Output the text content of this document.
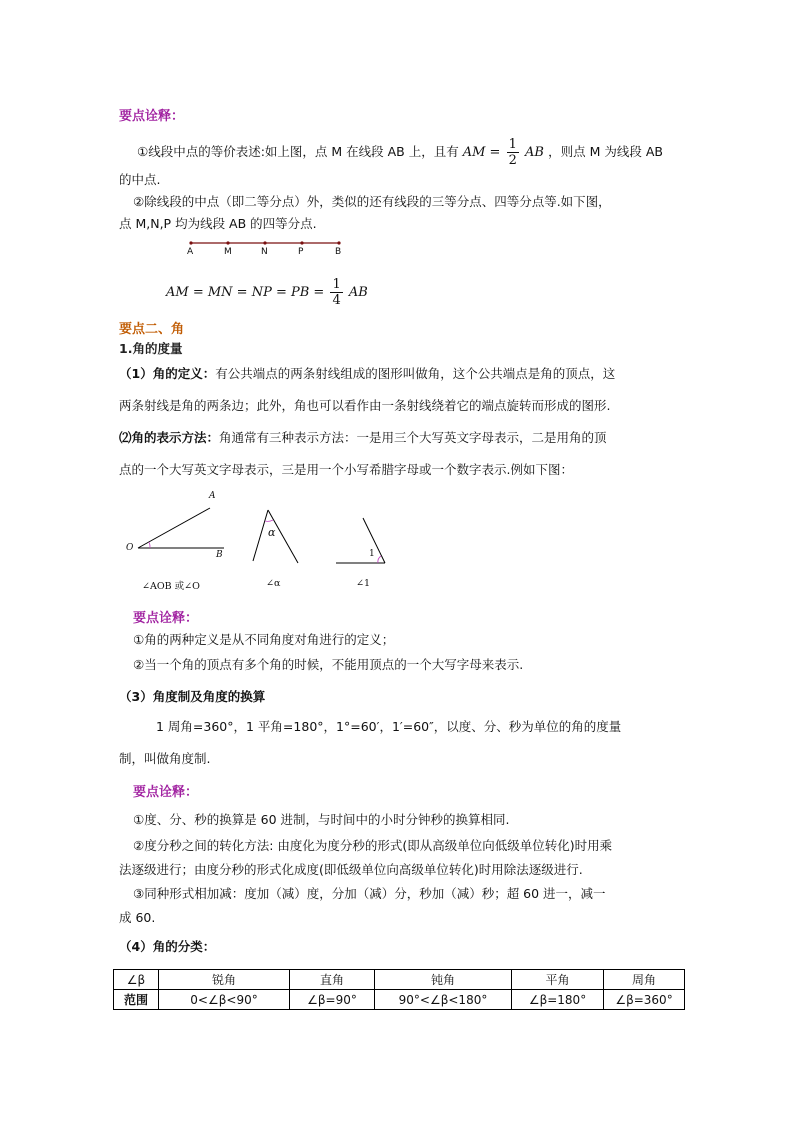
要点诠释：
①线段中点的等价表述:如上图，点 M 在线段 AB 上，且有 AM = $\frac{1}{2}$ AB ，则点 M 为线段 AB
的中点.
②除线段的中点（即二等分点）外，类似的还有线段的三等分点、四等分点等.如下图，
点 M,N,P 均为线段 AB 的四等分点.
A	M	N	P	B
AM = MN = NP = PB = $\frac{1}{4}$ AB
要点二、角
1.角的度量
（1）角的定义：有公共端点的两条射线组成的图形叫做角，这个公共端点是角的顶点，这
两条射线是角的两条边；此外，角也可以看作由一条射线绕着它的端点旋转而形成的图形.
⑵角的表示方法：角通常有三种表示方法：一是用三个大写英文字母表示，二是用角的顶
点的一个大写英文字母表示，三是用一个小写希腊字母或一个数字表示.例如下图：
A
O
B
α
1
∠AOB 或∠O	∠α	∠1
要点诠释：
①角的两种定义是从不同角度对角进行的定义；
②当一个角的顶点有多个角的时候，不能用顶点的一个大写字母来表示.
（3）角度制及角度的换算
1 周角=360°，1 平角=180°，1°=60′，1′=60″，以度、分、秒为单位的角的度量
制，叫做角度制.
要点诠释：
①度、分、秒的换算是 60 进制，与时间中的小时分钟秒的换算相同.
②度分秒之间的转化方法: 由度化为度分秒的形式(即从高级单位向低级单位转化)时用乘
法逐级进行；由度分秒的形式化成度(即低级单位向高级单位转化)时用除法逐级进行.
③同种形式相加减：度加（减）度，分加（减）分，秒加（减）秒；超 60 进一，减一
成 60.
（4）角的分类：
∠β	锐角	直角	钝角	平角	周角
范围	0<∠β<90°	∠β=90°	90°<∠β<180°	∠β=180°	∠β=360°
